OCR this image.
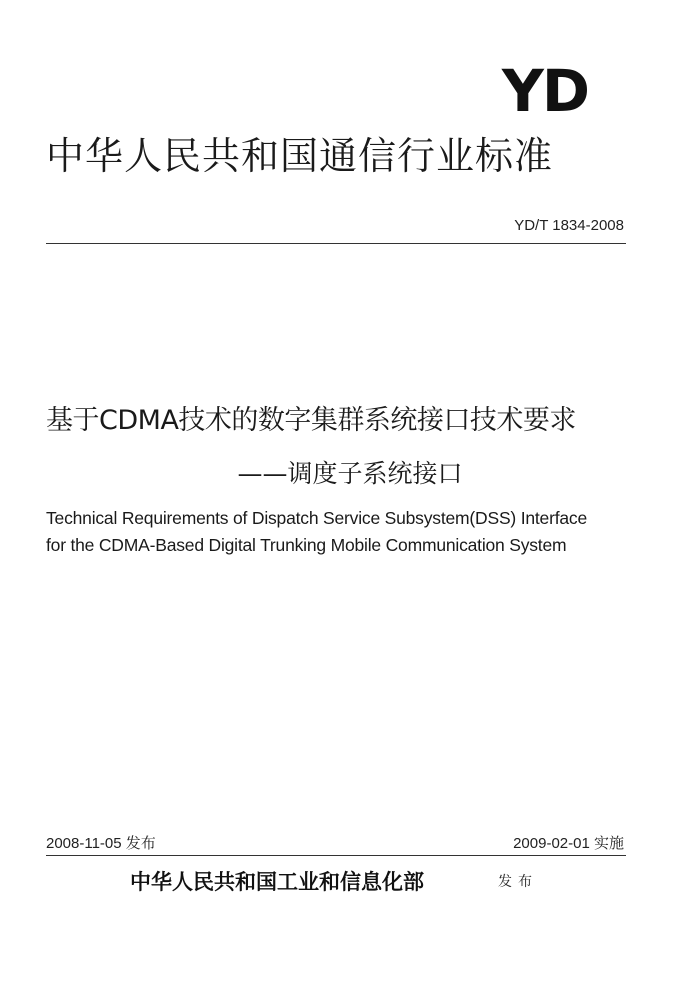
YD
中华人民共和国通信行业标准
YD/T 1834-2008
基于CDMA技术的数字集群系统接口技术要求
——调度子系统接口
Technical Requirements of Dispatch Service Subsystem(DSS) Interface
for the CDMA-Based Digital Trunking Mobile Communication System
2008-11-05 发布	2009-02-01 实施
中华人民共和国工业和信息化部	发布
